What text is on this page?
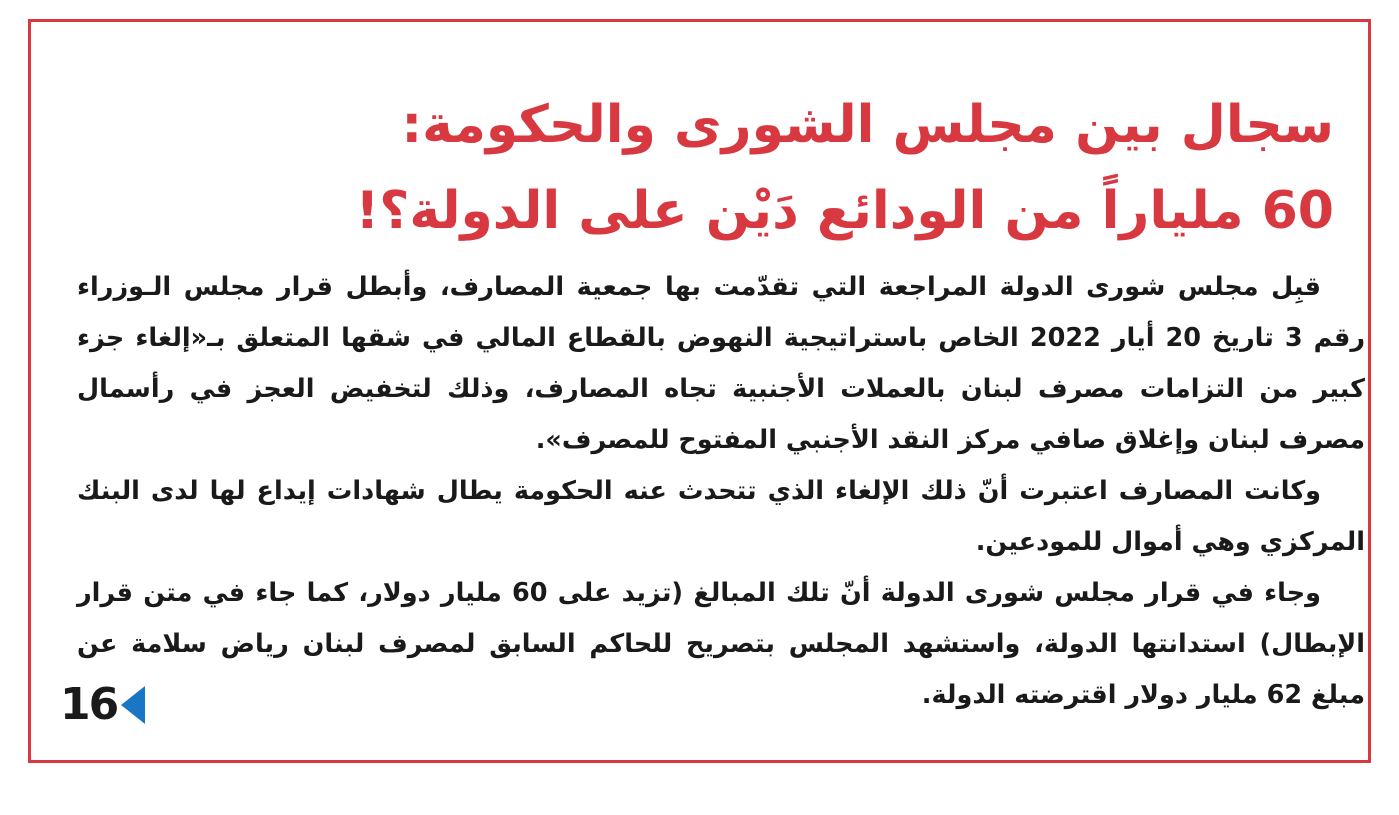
سجال بين مجلس الشورى والحكومة:
60 ملياراً من الودائع دَيْن على الدولة؟!

قبِل مجلس شورى الدولة المراجعة التي تقدّمت بها جمعية المصارف، وأبطل قرار مجلس الـوزراء رقم 3 تاريخ 20 أيار 2022 الخاص باستراتيجية النهوض بالقطاع المالي في شقها المتعلق بـ«إلغاء جزء كبير من التزامات مصرف لبنان بالعملات الأجنبية تجاه المصارف، وذلك لتخفيض العجز في رأسمال مصرف لبنان وإغلاق صافي مركز النقد الأجنبي المفتوح للمصرف».

وكانت المصارف اعتبرت أنّ ذلك الإلغاء الذي تتحدث عنه الحكومة يطال شهادات إيداع لها لدى البنك المركزي وهي أموال للمودعين.

وجاء في قرار مجلس شورى الدولة أنّ تلك المبالغ (تزيد على 60 مليار دولار، كما جاء في متن قرار الإبطال) استدانتها الدولة، واستشهد المجلس بتصريح للحاكم السابق لمصرف لبنان رياض سلامة عن مبلغ 62 مليار دولار اقترضته الدولة.

16
